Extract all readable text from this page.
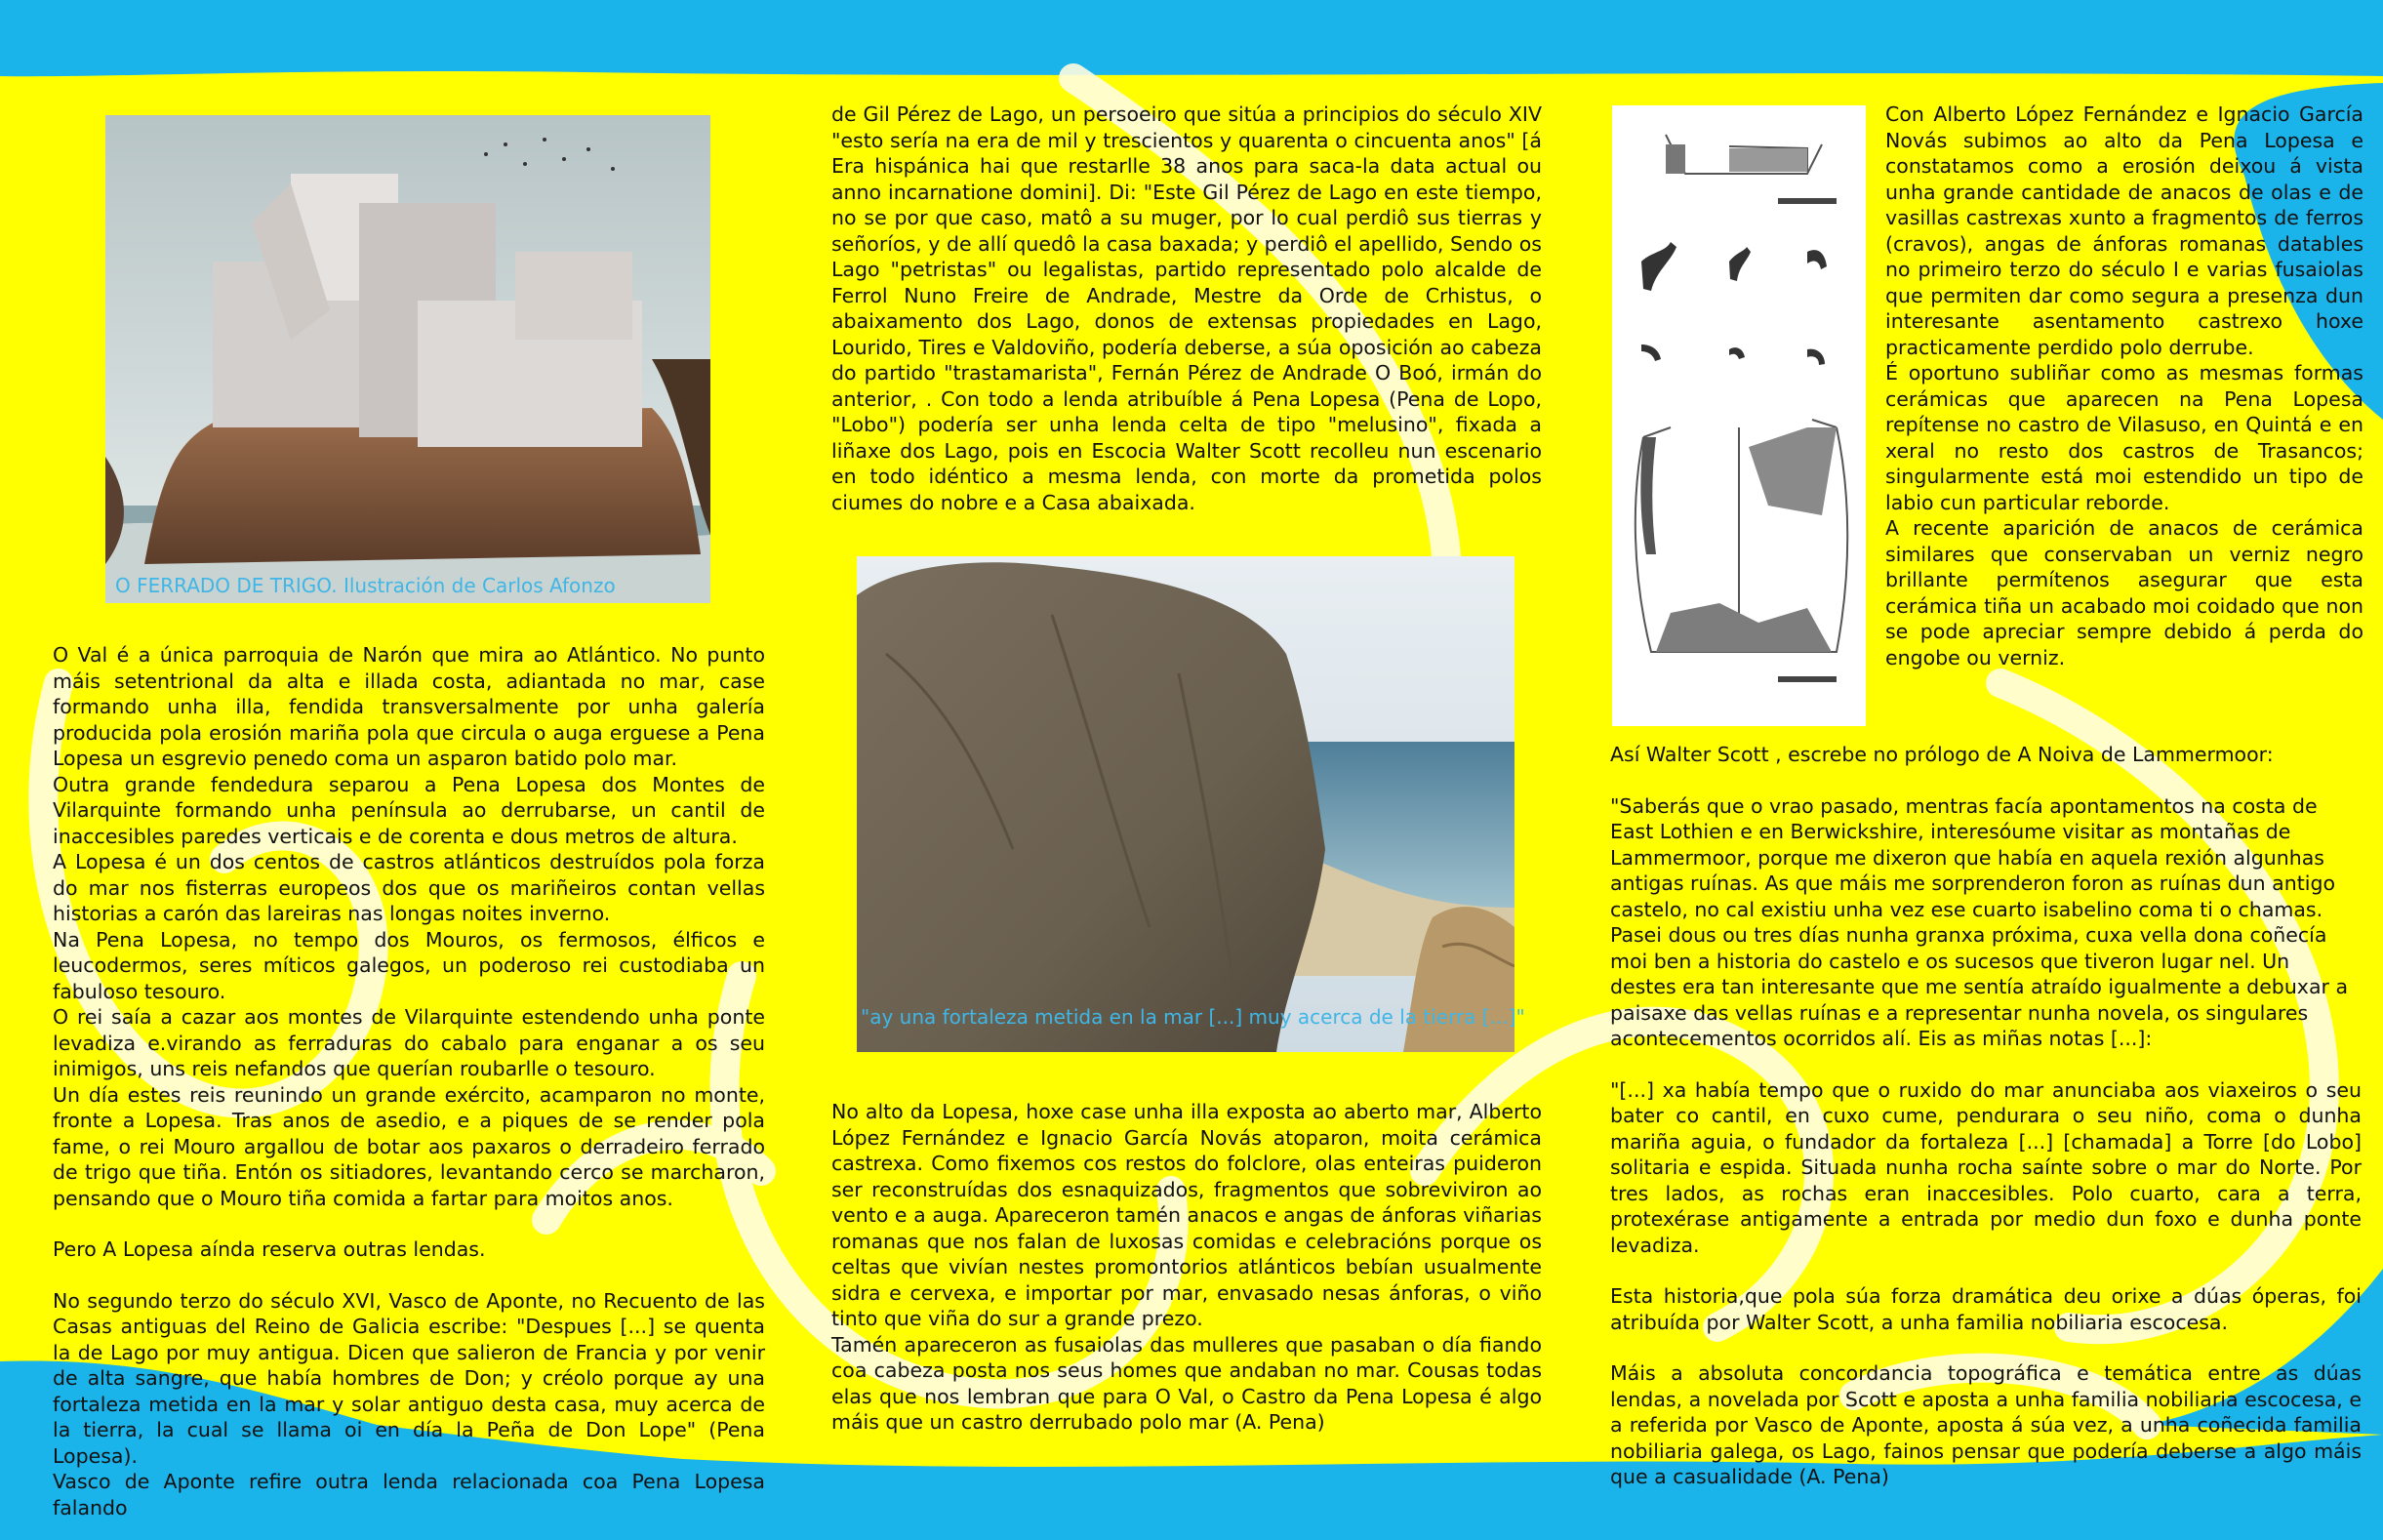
O FERRADO DE TRIGO. Ilustración de Carlos Afonzo

O Val é a única parroquia de Narón que mira ao Atlántico. No punto máis setentrional da alta e illada costa, adiantada no mar, case formando unha illa, fendida transversalmente por unha galería producida pola erosión mariña pola que circula o auga erguese a Pena Lopesa un esgrevio penedo coma un asparon batido polo mar.

Outra grande fendedura separou a Pena Lopesa dos Montes de Vilarquinte formando unha península ao derrubarse, un cantil de inaccesibles paredes verticais e de corenta e dous metros de altura.

A Lopesa é un dos centos de castros atlánticos destruídos pola forza do mar nos fisterras europeos dos que os mariñeiros contan vellas historias a carón das lareiras nas longas noites inverno.

Na Pena Lopesa, no tempo dos Mouros, os fermosos, élficos e leucodermos, seres míticos galegos, un poderoso rei custodiaba un fabuloso tesouro.

O rei saía a cazar aos montes de Vilarquinte estendendo unha ponte levadiza e.virando as ferraduras do cabalo para enganar a os seu inimigos, uns reis nefandos que querían roubarlle o tesouro.

Un día estes reis reunindo un grande exército, acamparon no monte, fronte a Lopesa. Tras anos de asedio, e a piques de se render pola fame, o rei Mouro argallou de botar aos paxaros o derradeiro ferrado de trigo que tiña. Entón os sitiadores, levantando cerco se marcharon, pensando que o Mouro tiña comida a fartar para moitos anos.

Pero A Lopesa aínda reserva outras lendas.

No segundo terzo do século XVI, Vasco de Aponte, no Recuento de las Casas antiguas del Reino de Galicia escribe: "Despues [...] se quenta la de Lago por muy antigua. Dicen que salieron de Francia y por venir de alta sangre, que había hombres de Don; y créolo porque ay una fortaleza metida en la mar y solar antiguo desta casa, muy acerca de la tierra, la cual se llama oi en día la Peña de Don Lope" (Pena Lopesa).

Vasco de Aponte refire outra lenda relacionada coa Pena Lopesa falando

de Gil Pérez de Lago, un persoeiro que sitúa a principios do século XIV "esto sería na era de mil y trescientos y quarenta o cincuenta anos" [á Era hispánica hai que restarlle 38 anos para saca-la data actual ou anno incarnatione domini]. Di: "Este Gil Pérez de Lago en este tiempo, no se por que caso, matô a su muger, por lo cual perdiô sus tierras y señoríos, y de allí quedô la casa baxada; y perdiô el apellido, Sendo os Lago "petristas" ou legalistas, partido representado polo alcalde de Ferrol Nuno Freire de Andrade, Mestre da Orde de Crhistus, o abaixamento dos Lago, donos de extensas propiedades en Lago, Lourido, Tires e Valdoviño, podería deberse, a súa oposición ao cabeza do partido "trastamarista", Fernán Pérez de Andrade O Boó, irmán do anterior, . Con todo a lenda atribuíble á Pena Lopesa (Pena de Lopo, "Lobo") podería ser unha lenda celta de tipo "melusino", fixada a liñaxe dos Lago, pois en Escocia Walter Scott recolleu nun escenario en todo idéntico a mesma lenda, con morte da prometida polos ciumes do nobre e a Casa abaixada.

"ay una fortaleza metida en la mar [...] muy acerca de la tierra [...]"

No alto da Lopesa, hoxe case unha illa exposta ao aberto mar, Alberto López Fernández e Ignacio García Novás atoparon, moita cerámica castrexa. Como fixemos cos restos do folclore, olas enteiras puideron ser reconstruídas dos esnaquizados, fragmentos que sobreviviron ao vento e a auga. Apareceron tamén anacos e angas de ánforas viñarias romanas que nos falan de luxosas comidas e celebracións porque os celtas que vivían nestes promontorios atlánticos bebían usualmente sidra e cervexa, e importar por mar, envasado nesas ánforas, o viño tinto que viña do sur a grande prezo.

Tamén apareceron as fusaiolas das mulleres que pasaban o día fiando coa cabeza posta nos seus homes que andaban no mar. Cousas todas elas que nos lembran que para O Val, o Castro da Pena Lopesa é algo máis que un castro derrubado polo mar (A. Pena)

Con Alberto López Fernández e Ignacio García Novás subimos ao alto da Pena Lopesa e constatamos como a erosión deixou á vista unha grande cantidade de anacos de olas e de vasillas castrexas xunto a fragmentos de ferros (cravos), angas de ánforas romanas datables no primeiro terzo do século I e varias fusaiolas que permiten dar como segura a presenza dun interesante asentamento castrexo hoxe practicamente perdido polo derrube.

É oportuno subliñar como as mesmas formas cerámicas que aparecen na Pena Lopesa repítense no castro de Vilasuso, en Quintá e en xeral no resto dos castros de Trasancos; singularmente está moi estendido un tipo de labio cun particular reborde.

A recente aparición de anacos de cerámica similares que conservaban un verniz negro brillante permítenos asegurar que esta cerámica tiña un acabado moi coidado que non se pode apreciar sempre debido á perda do engobe ou verniz.

Así Walter Scott , escrebe no prólogo de A Noiva de Lammermoor:

"Saberás que o vrao pasado, mentras facía apontamentos na costa de East Lothien e en Berwickshire, interesóume visitar as montañas de Lammermoor, porque me dixeron que había en aquela rexión algunhas antigas ruínas. As que máis me sorprenderon foron as ruínas dun antigo castelo, no cal existiu unha vez ese cuarto isabelino coma ti o chamas. Pasei dous ou tres días nunha granxa próxima, cuxa vella dona coñecía moi ben a historia do castelo e os sucesos que tiveron lugar nel. Un destes era tan interesante que me sentía atraído igualmente a debuxar a paisaxe das vellas ruínas e a representar nunha novela, os singulares acontecementos ocorridos alí. Eis as miñas notas [...]:

"[...] xa había tempo que o ruxido do mar anunciaba aos viaxeiros o seu bater co cantil, en cuxo cume, pendurara o seu niño, coma o dunha mariña aguia, o fundador da fortaleza [...] [chamada] a Torre [do Lobo] solitaria e espida. Situada nunha rocha saínte sobre o mar do Norte. Por tres lados, as rochas eran inaccesibles. Polo cuarto, cara a terra, protexérase antigamente a entrada por medio dun foxo e dunha ponte levadiza.

Esta historia,que pola súa forza dramática deu orixe a dúas óperas, foi atribuída por Walter Scott, a unha familia nobiliaria escocesa.

Máis a absoluta concordancia topográfica e temática entre as dúas lendas, a novelada por Scott e aposta a unha familia nobiliaria escocesa, e a referida por Vasco de Aponte, aposta á súa vez, a unha coñecida familia nobiliaria galega, os Lago, fainos pensar que podería deberse a algo máis que a casualidade (A. Pena)
